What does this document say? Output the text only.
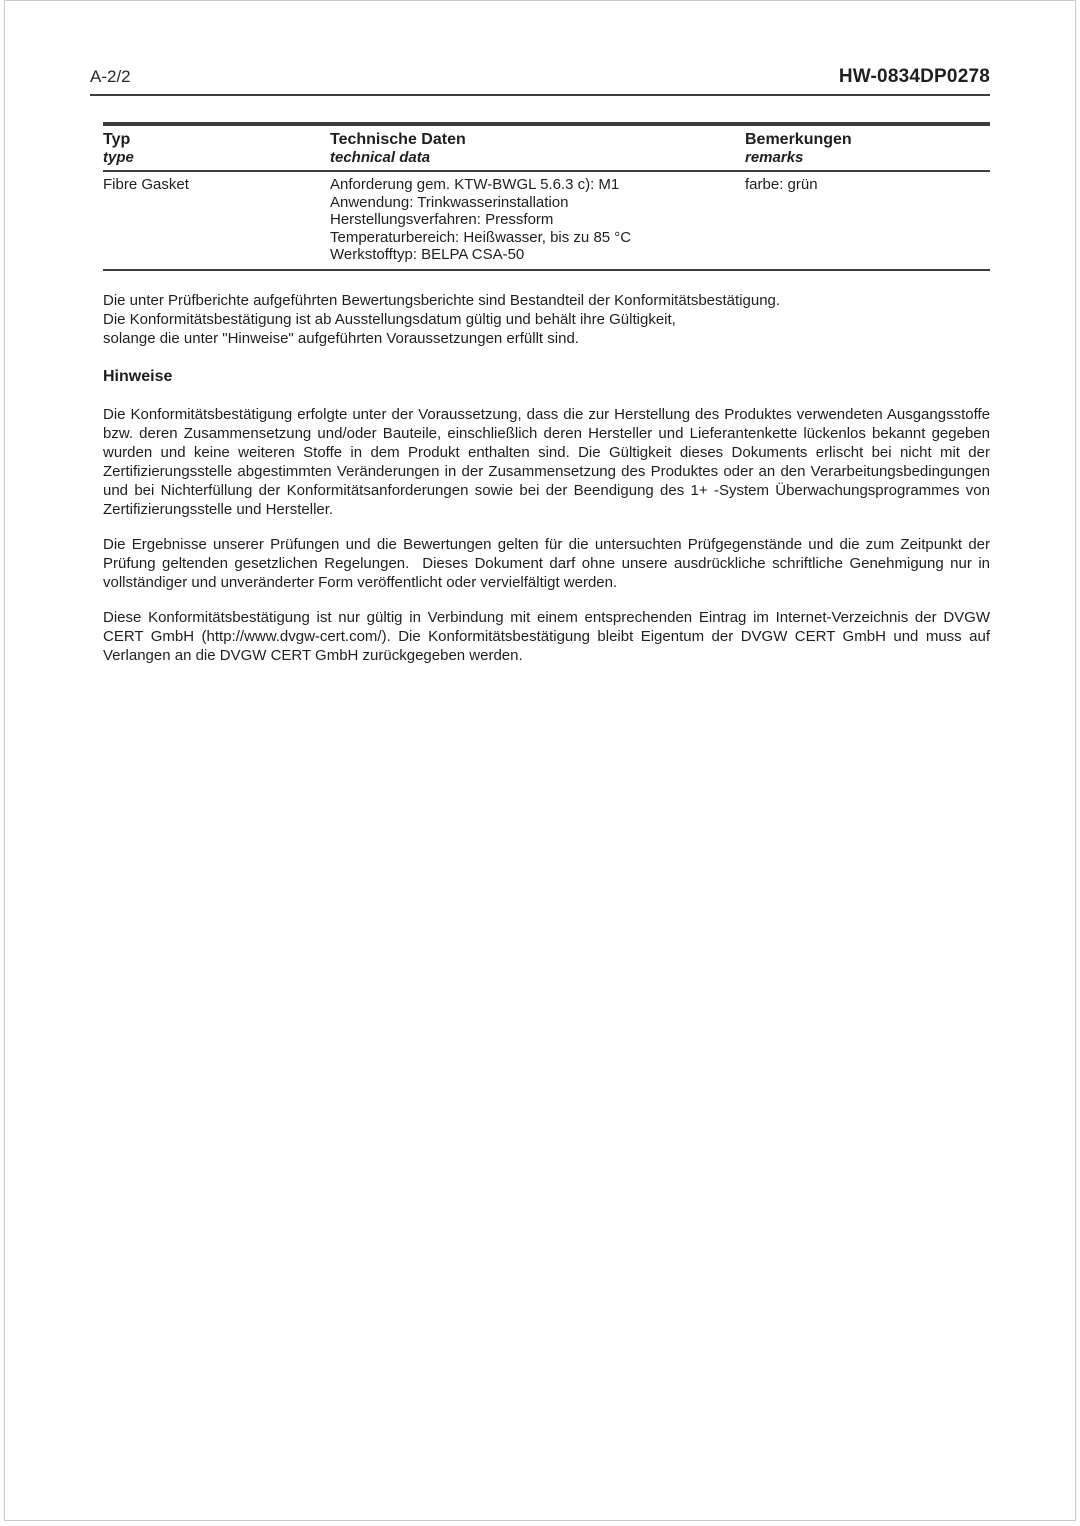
A-2/2	HW-0834DP0278
Typ
type
Technische Daten
technical data
Bemerkungen
remarks
Fibre Gasket	Anforderung gem. KTW-BWGL 5.6.3 c): M1
Anwendung: Trinkwasserinstallation
Herstellungsverfahren: Pressform
Temperaturbereich: Heißwasser, bis zu 85 °C
Werkstofftyp: BELPA CSA-50
farbe: grün
Die unter Prüfberichte aufgeführten Bewertungsberichte sind Bestandteil der Konformitätsbestätigung.
Die Konformitätsbestätigung ist ab Ausstellungsdatum gültig und behält ihre Gültigkeit,
solange die unter "Hinweise" aufgeführten Voraussetzungen erfüllt sind.
Hinweise
Die Konformitätsbestätigung erfolgte unter der Voraussetzung, dass die zur Herstellung des Produktes verwendeten Ausgangsstoffe bzw. deren Zusammensetzung und/oder Bauteile, einschließlich deren Hersteller und Lieferantenkette lückenlos bekannt gegeben wurden und keine weiteren Stoffe in dem Produkt enthalten sind. Die Gültigkeit dieses Dokuments erlischt bei nicht mit der Zertifizierungsstelle abgestimmten Veränderungen in der Zusammensetzung des Produktes oder an den Verarbeitungsbedingungen und bei Nichterfüllung der Konformitätsanforderungen sowie bei der Beendigung des 1+ -System Überwachungsprogrammes von Zertifizierungsstelle und Hersteller.
Die Ergebnisse unserer Prüfungen und die Bewertungen gelten für die untersuchten Prüfgegenstände und die zum Zeitpunkt der Prüfung geltenden gesetzlichen Regelungen.  Dieses Dokument darf ohne unsere ausdrückliche schriftliche Genehmigung nur in vollständiger und unveränderter Form veröffentlicht oder vervielfältigt werden.
Diese Konformitätsbestätigung ist nur gültig in Verbindung mit einem entsprechenden Eintrag im Internet-Verzeichnis der DVGW CERT GmbH (http://www.dvgw-cert.com/). Die Konformitätsbestätigung bleibt Eigentum der DVGW CERT GmbH und muss auf Verlangen an die DVGW CERT GmbH zurückgegeben werden.
